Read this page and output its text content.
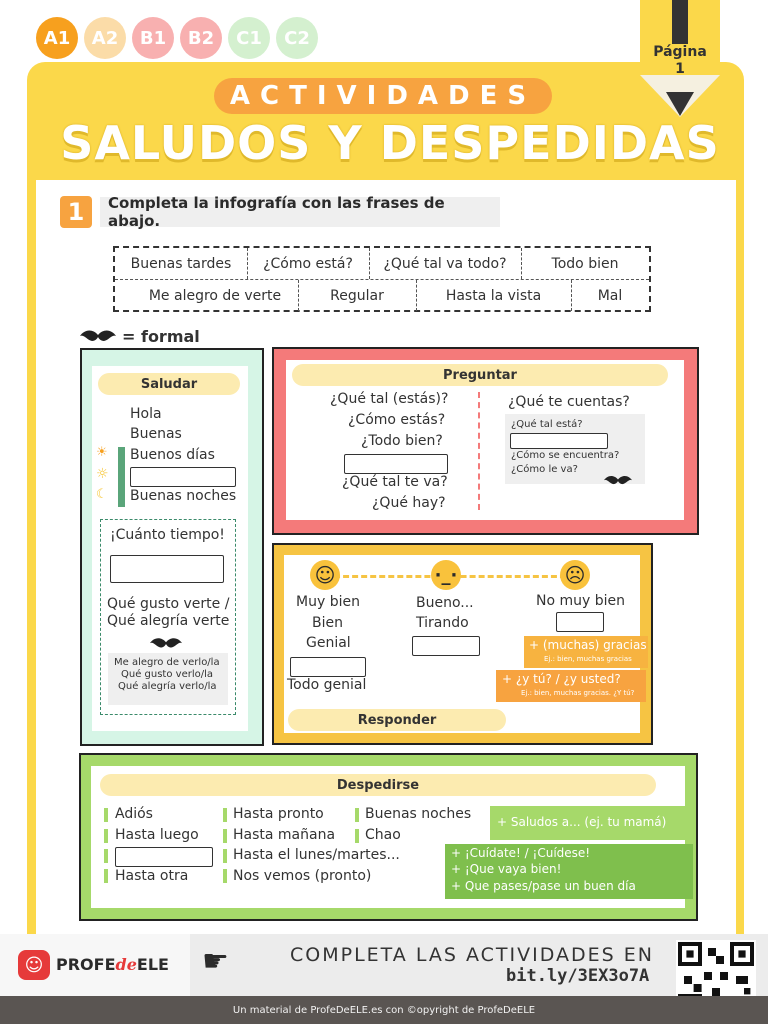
A1	A2	B1	B2	C1	C2
Página
1
ACTIVIDADES
SALUDOS Y DESPEDIDAS
1	Completa la infografía con las frases de abajo.
Buenas tardes	¿Cómo está?	¿Qué tal va todo?	Todo bien
Me alegro de verte	Regular	Hasta la vista	Mal
= formal
Saludar
Hola
Buenas
☀
☼
☾
Buenos días
Buenas noches
¡Cuánto tiempo!
Qué gusto verte /
Qué alegría verte
Me alegro de verlo/la
Qué gusto verlo/la
Qué alegría verlo/la
Preguntar
¿Qué tal (estás)?
¿Cómo estás?
¿Todo bien?
¿Qué tal te va?
¿Qué hay?
¿Qué te cuentas?
¿Qué tal está?
¿Cómo se encuentra?
¿Cómo le va?
☺	·_·	☹
Muy bien
Bien
Genial
Todo genial
Bueno...
Tirando
No muy bien
+ (muchas) gracias
Ej.: bien, muchas gracias
+ ¿y tú? / ¿y usted?
Ej.: bien, muchas gracias. ¿Y tú?
Responder
Despedirse
Adiós
Hasta luego
Hasta otra
Hasta pronto
Hasta mañana
Hasta el lunes/martes...
Nos vemos (pronto)
Buenas noches
Chao
+ Saludos a... (ej. tu mamá)
+ ¡Cuídate! / ¡Cuídese!
+ ¡Que vaya bien!
+ Que pases/pase un buen día
☺ PROFEdeELE ☛	COMPLETA LAS ACTIVIDADES EN
bit.ly/3EX3o7A
Un material de ProfeDeELE.es con ©opyright de ProfeDeELE
